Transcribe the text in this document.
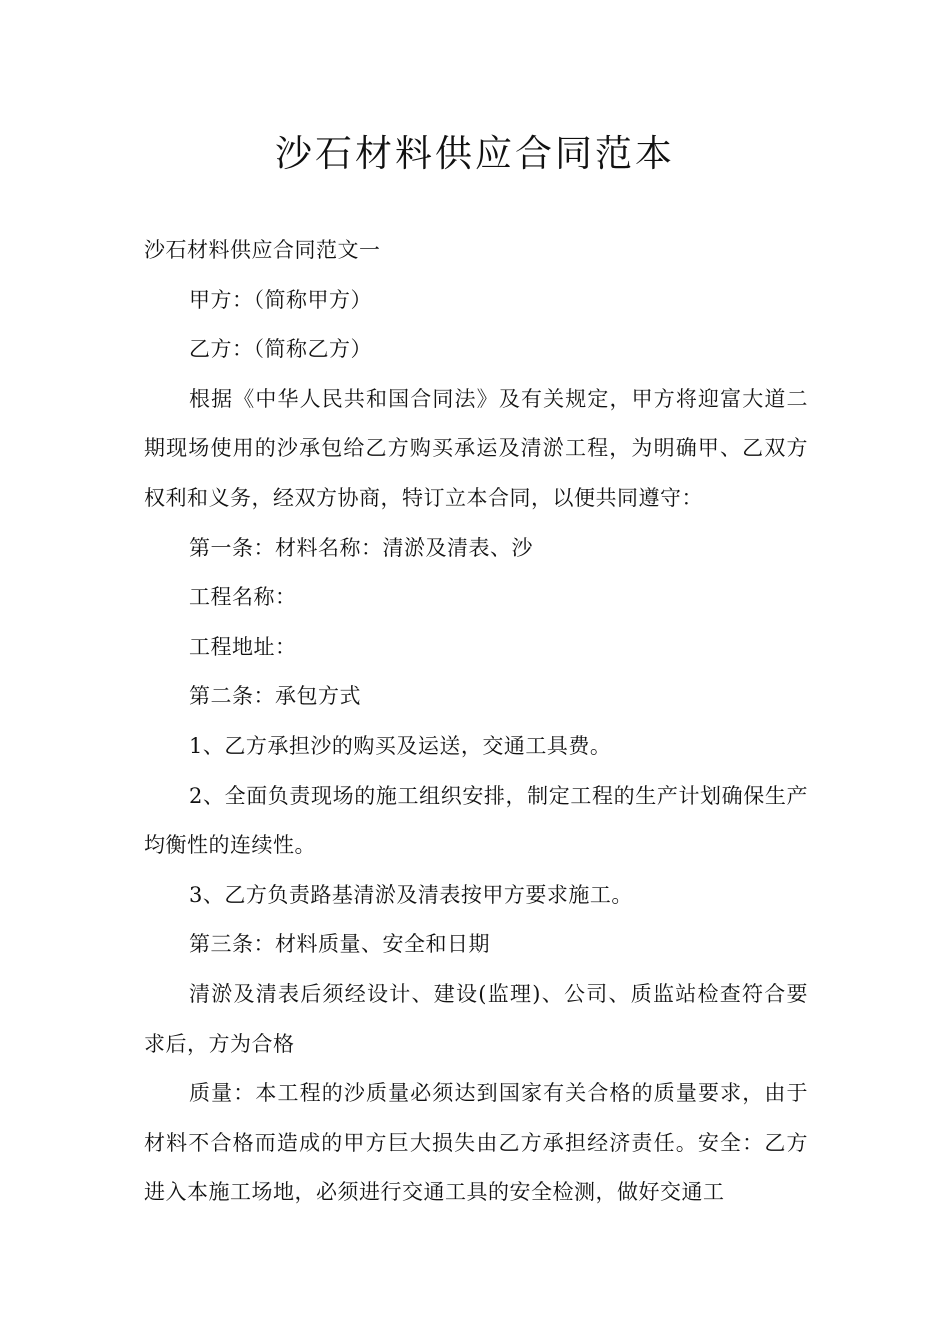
沙石材料供应合同范本

沙石材料供应合同范文一

甲方：（简称甲方）

乙方：（简称乙方）

根据《中华人民共和国合同法》及有关规定，甲方将迎富大道二期现场使用的沙承包给乙方购买承运及清淤工程，为明确甲、乙双方权利和义务，经双方协商，特订立本合同，以便共同遵守：

第一条：材料名称：清淤及清表、沙

工程名称：

工程地址：

第二条：承包方式

1、乙方承担沙的购买及运送，交通工具费。

2、全面负责现场的施工组织安排，制定工程的生产计划确保生产均衡性的连续性。

3、乙方负责路基清淤及清表按甲方要求施工。

第三条：材料质量、安全和日期

清淤及清表后须经设计、建设(监理)、公司、质监站检查符合要求后，方为合格

质量：本工程的沙质量必须达到国家有关合格的质量要求，由于材料不合格而造成的甲方巨大损失由乙方承担经济责任。安全：乙方进入本施工场地，必须进行交通工具的安全检测，做好交通工
